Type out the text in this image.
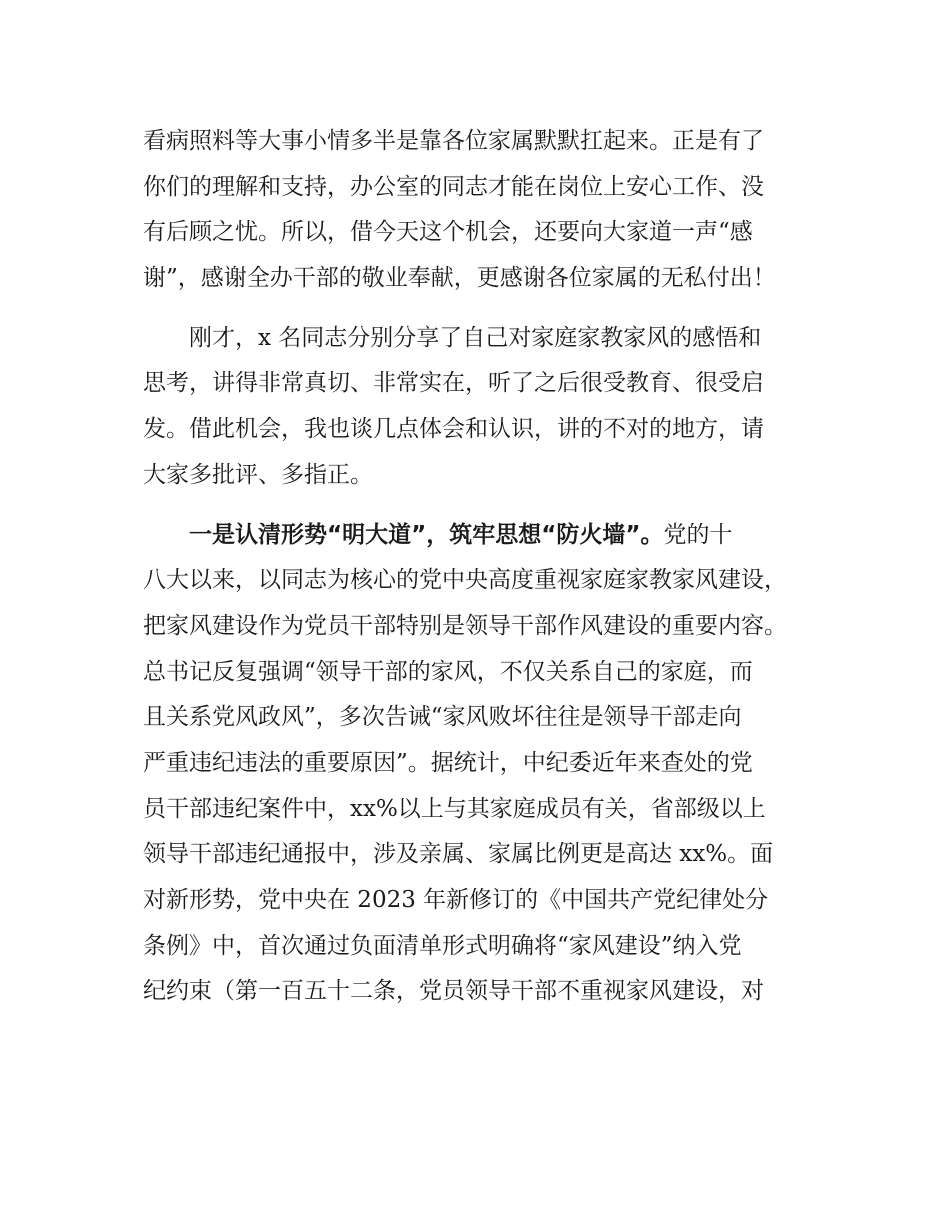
看病照料等大事小情多半是靠各位家属默默扛起来。正是有了
你们的理解和支持，办公室的同志才能在岗位上安心工作、没
有后顾之忧。所以，借今天这个机会，还要向大家道一声“感
谢”，感谢全办干部的敬业奉献，更感谢各位家属的无私付出！
刚才，x 名同志分别分享了自己对家庭家教家风的感悟和
思考，讲得非常真切、非常实在，听了之后很受教育、很受启
发。借此机会，我也谈几点体会和认识，讲的不对的地方，请
大家多批评、多指正。
一是认清形势“明大道”，筑牢思想“防火墙”。党的十
八大以来，以同志为核心的党中央高度重视家庭家教家风建设，
把家风建设作为党员干部特别是领导干部作风建设的重要内容。
总书记反复强调“领导干部的家风，不仅关系自己的家庭，而
且关系党风政风”，多次告诫“家风败坏往往是领导干部走向
严重违纪违法的重要原因”。据统计，中纪委近年来查处的党
员干部违纪案件中，xx%以上与其家庭成员有关，省部级以上
领导干部违纪通报中，涉及亲属、家属比例更是高达 xx%。面
对新形势，党中央在 2023 年新修订的《中国共产党纪律处分
条例》中，首次通过负面清单形式明确将“家风建设”纳入党
纪约束（第一百五十二条，党员领导干部不重视家风建设，对
